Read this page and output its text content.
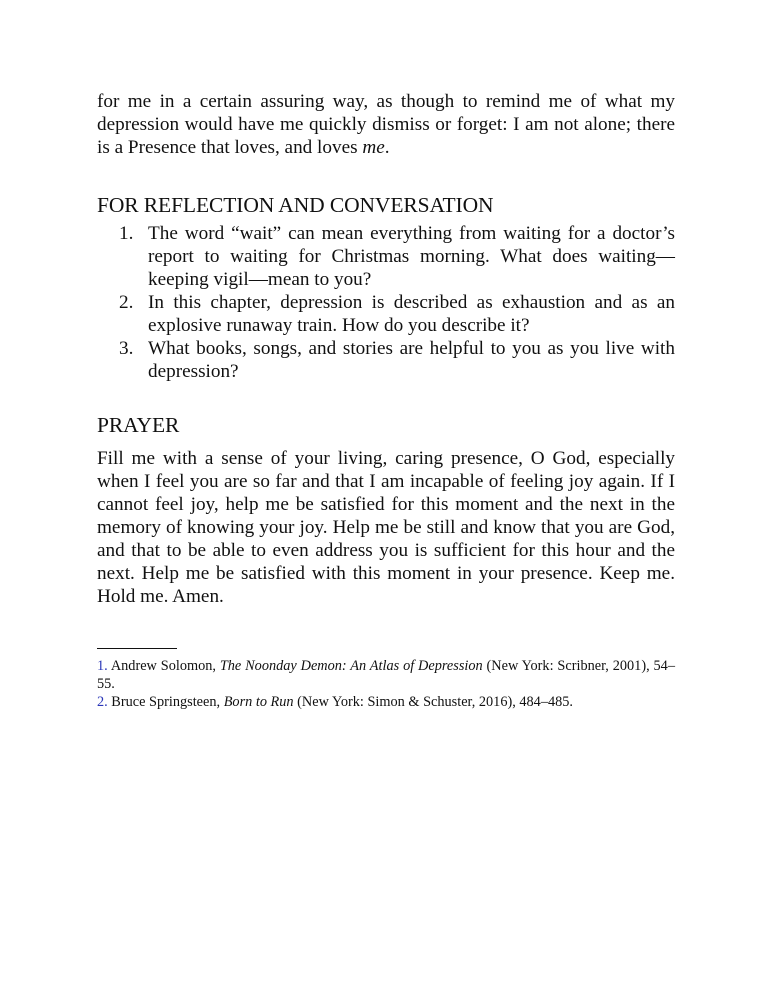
for me in a certain assuring way, as though to remind me of what my depression would have me quickly dismiss or forget: I am not alone; there is a Presence that loves, and loves me.

FOR REFLECTION AND CONVERSATION
1. The word “wait” can mean everything from waiting for a doctor’s report to waiting for Christmas morning. What does waiting—keeping vigil—mean to you?
2. In this chapter, depression is described as exhaustion and as an explosive runaway train. How do you describe it?
3. What books, songs, and stories are helpful to you as you live with depression?
PRAYER

Fill me with a sense of your living, caring presence, O God, especially when I feel you are so far and that I am incapable of feeling joy again. If I cannot feel joy, help me be satisfied for this moment and the next in the memory of knowing your joy. Help me be still and know that you are God, and that to be able to even address you is sufficient for this hour and the next. Help me be satisfied with this moment in your presence. Keep me. Hold me. Amen.

1. Andrew Solomon, The Noonday Demon: An Atlas of Depression (New York: Scribner, 2001), 54–55.

2. Bruce Springsteen, Born to Run (New York: Simon & Schuster, 2016), 484–485.
